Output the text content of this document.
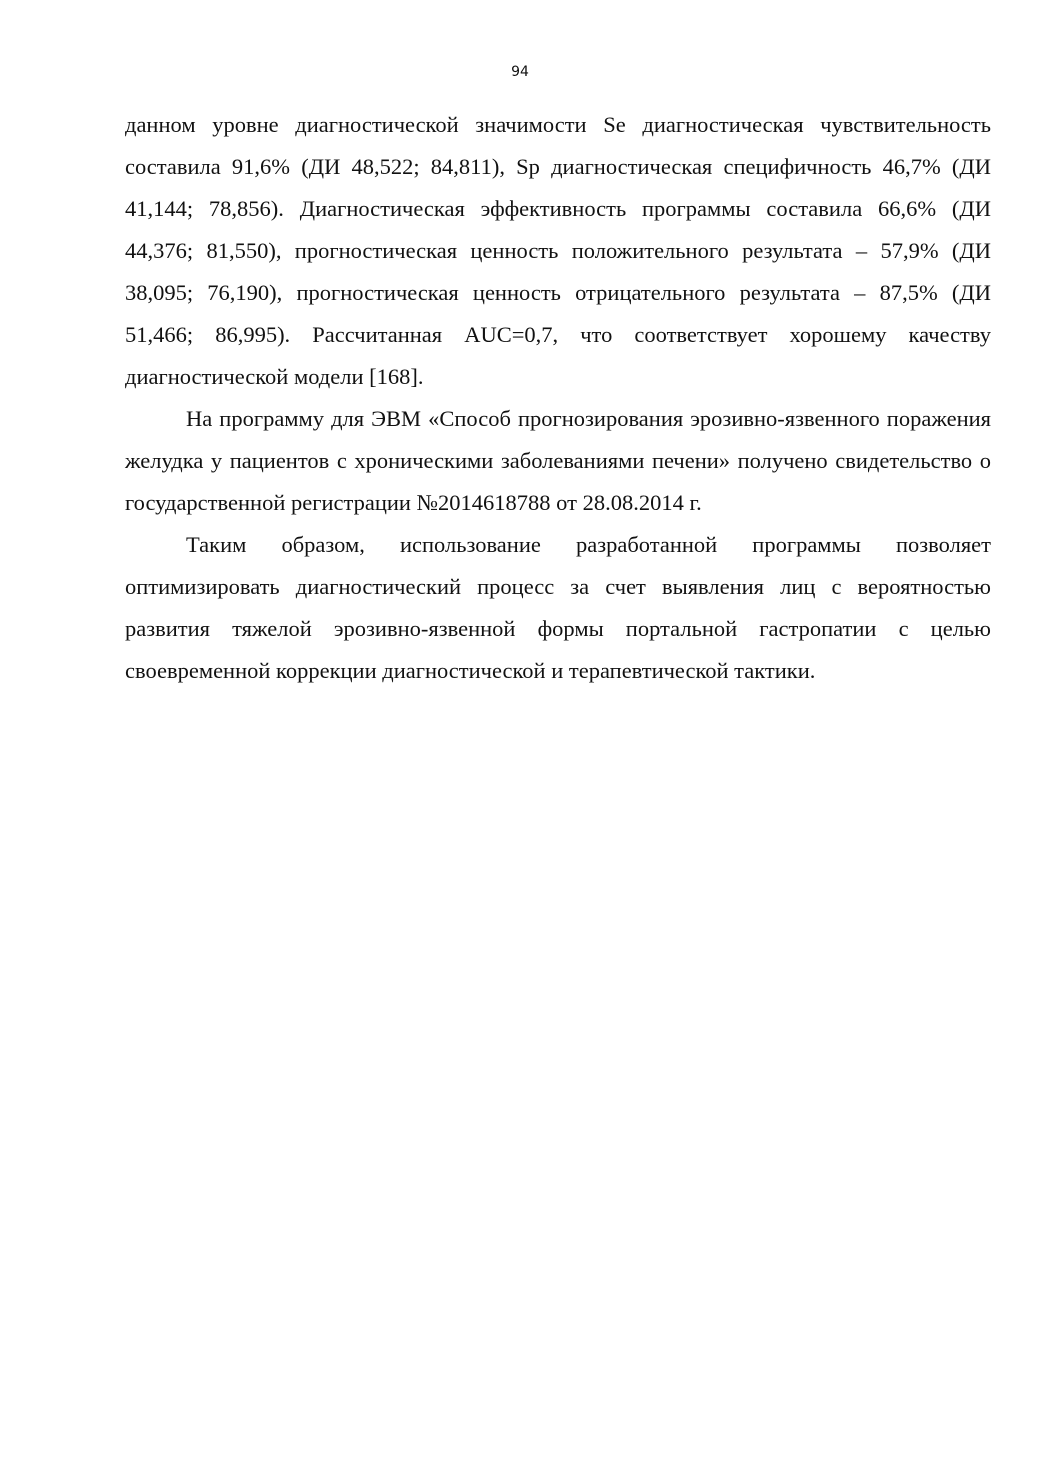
94

данном уровне диагностической значимости Se диагностическая чувствительность составила 91,6% (ДИ 48,522; 84,811), Sp диагностическая специфичность 46,7% (ДИ 41,144; 78,856). Диагностическая эффективность программы составила 66,6% (ДИ 44,376; 81,550), прогностическая ценность положительного результата – 57,9% (ДИ 38,095; 76,190), прогностическая ценность отрицательного результата – 87,5% (ДИ 51,466; 86,995). Рассчитанная AUC=0,7, что соответствует хорошему качеству диагностической модели [168].

На программу для ЭВМ «Способ прогнозирования эрозивно-язвенного поражения желудка у пациентов с хроническими заболеваниями печени» получено свидетельство о государственной регистрации №2014618788 от 28.08.2014 г.

Таким образом, использование разработанной программы позволяет оптимизировать диагностический процесс за счет выявления лиц с вероятностью развития тяжелой эрозивно-язвенной формы портальной гастропатии с целью своевременной коррекции диагностической и терапевтической тактики.
